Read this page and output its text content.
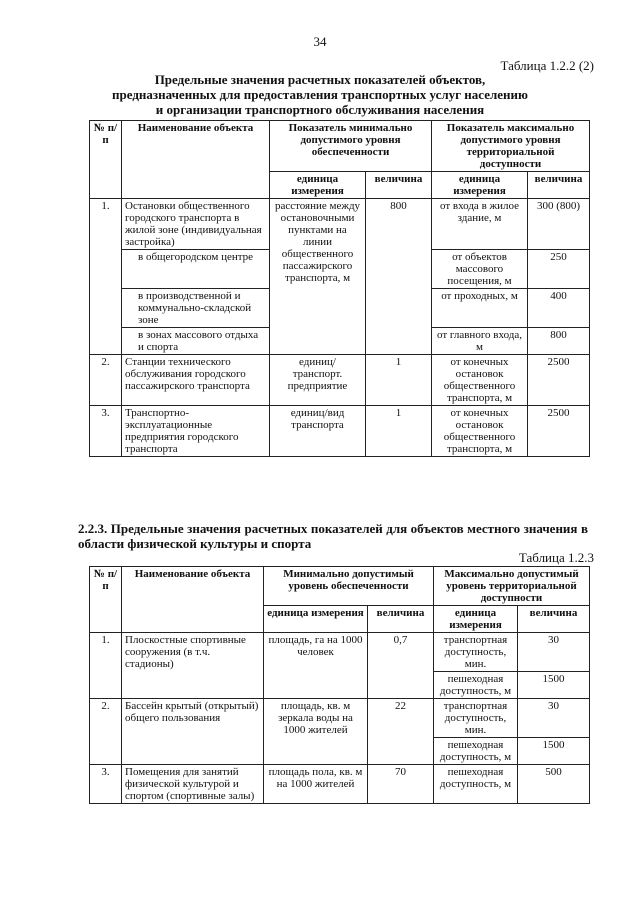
34
Таблица 1.2.2 (2)
Предельные значения расчетных показателей объектов,
предназначенных для предоставления транспортных услуг населению
и организации транспортного обслуживания населения
№ п/п	Наименование объекта	Показатель минимально допустимого уровня обеспеченности		Показатель максимально допустимого уровня территориальной доступности	
		единица измерения	величина	единица измерения	величина
1.	Остановки общественного городского транспорта в жилой зоне (индивидуальная застройка)	расстояние между остановочными пунктами на линии общественного пассажирского транспорта, м	800	от входа в жилое здание, м	300 (800)
	в общегородском центре			от объектов массового посещения, м	250
	в производственной и коммунально-складской зоне			от проходных, м	400
	в зонах массового отдыха и спорта			от главного входа, м	800
2.	Станции технического обслуживания городского пассажирского транспорта	единиц/ транспорт. предприятие	1	от конечных остановок общественного транспорта, м	2500
3.	Транспортно-эксплуатационные предприятия городского транспорта	единиц/вид транспорта	1	от конечных остановок общественного транспорта, м	2500
2.2.3. Предельные значения расчетных показателей для объектов местного значения в области физической культуры и спорта
Таблица 1.2.3
№ п/п	Наименование объекта	Минимально допустимый уровень обеспеченности		Максимально допустимый уровень территориальной доступности	
		единица измерения	величина	единица измерения	величина
1.	Плоскостные спортивные сооружения (в т.ч. стадионы)	площадь, га на 1000 человек	0,7	транспортная доступность, мин.	30
				пешеходная доступность, м	1500
2.	Бассейн крытый (открытый) общего пользования	площадь, кв. м зеркала воды на 1000 жителей	22	транспортная доступность, мин.	30
				пешеходная доступность, м	1500
3.	Помещения для занятий физической культурой и спортом (спортивные залы)	площадь пола, кв. м на 1000 жителей	70	пешеходная доступность, м	500
